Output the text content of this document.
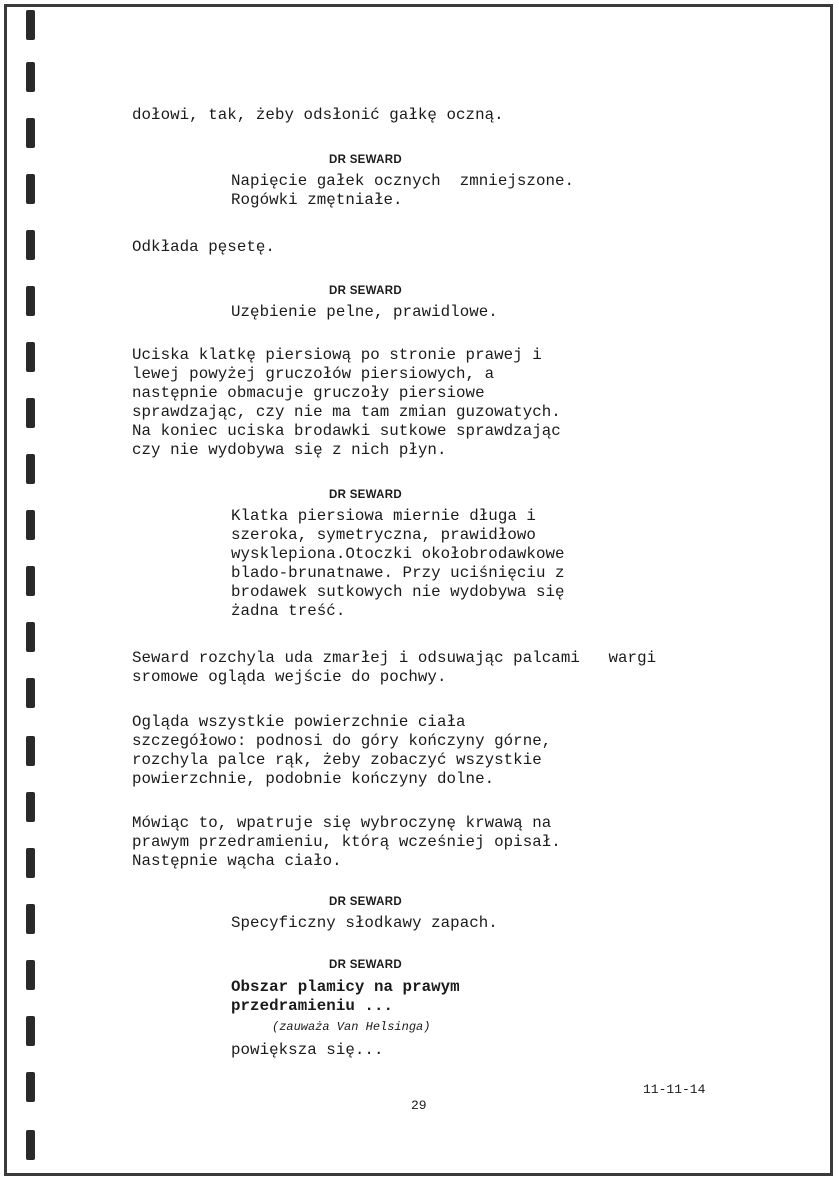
dołowi, tak, żeby odsłonić gałkę oczną.
DR SEWARD
Napięcie gałek ocznych  zmniejszone.
Rogówki zmętniałe.
Odkłada pęsetę.
DR SEWARD
Uzębienie pelne, prawidlowe.
Uciska klatkę piersiową po stronie prawej i
lewej powyżej gruczołów piersiowych, a
następnie obmacuje gruczoły piersiowe
sprawdzając, czy nie ma tam zmian guzowatych.
Na koniec uciska brodawki sutkowe sprawdzając
czy nie wydobywa się z nich płyn.
DR SEWARD
Klatka piersiowa miernie długa i
szeroka, symetryczna, prawidłowo
wysklepiona.Otoczki okołobrodawkowe
blado-brunatnawe. Przy uciśnięciu z
brodawek sutkowych nie wydobywa się
żadna treść.
Seward rozchyla uda zmarłej i odsuwając palcami   wargi
sromowe ogląda wejście do pochwy.
Ogląda wszystkie powierzchnie ciała
szczegółowo: podnosi do góry kończyny górne,
rozchyla palce rąk, żeby zobaczyć wszystkie
powierzchnie, podobnie kończyny dolne.
Mówiąc to, wpatruje się wybroczynę krwawą na
prawym przedramieniu, którą wcześniej opisał.
Następnie wącha ciało.
DR SEWARD
Specyficzny słodkawy zapach.
DR SEWARD
Obszar plamicy na prawym
przedramieniu ...
(zauważa Van Helsinga)
powiększa się...
11-11-14
29
